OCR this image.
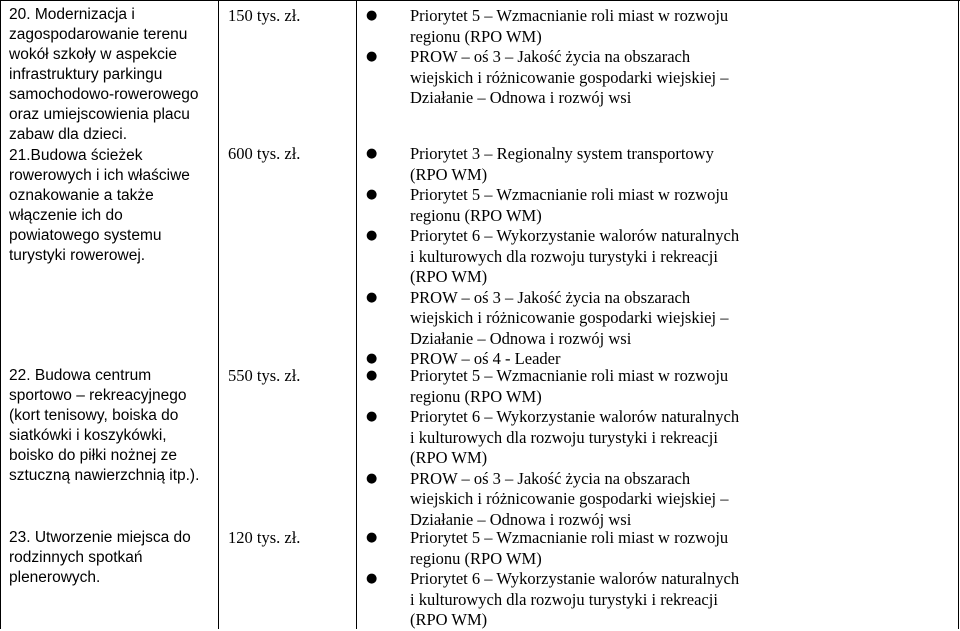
20. Modernizacja i
zagospodarowanie terenu
wokół szkoły w aspekcie
infrastruktury parkingu
samochodowo-rowerowego
oraz umiejscowienia placu
zabaw dla dzieci.
21.Budowa ścieżek
rowerowych i ich właściwe
oznakowanie a także
włączenie ich do
powiatowego systemu
turystyki rowerowej.
22. Budowa centrum
sportowo – rekreacyjnego
(kort tenisowy, boiska do
siatkówki i koszykówki,
boisko do piłki nożnej ze
sztuczną nawierzchnią itp.).
23. Utworzenie miejsca do
rodzinnych spotkań
plenerowych.
150 tys. zł.
600 tys. zł.
550 tys. zł.
120 tys. zł.
● Priorytet 5 – Wzmacnianie roli miast w rozwoju
regionu (RPO WM)
● PROW – oś 3 – Jakość życia na obszarach
wiejskich i różnicowanie gospodarki wiejskiej –
Działanie – Odnowa i rozwój wsi
● Priorytet 3 – Regionalny system transportowy
(RPO WM)
● Priorytet 5 – Wzmacnianie roli miast w rozwoju
regionu (RPO WM)
● Priorytet 6 – Wykorzystanie walorów naturalnych
i kulturowych dla rozwoju turystyki i rekreacji
(RPO WM)
● PROW – oś 3 – Jakość życia na obszarach
wiejskich i różnicowanie gospodarki wiejskiej –
Działanie – Odnowa i rozwój wsi
● PROW – oś 4 - Leader
● Priorytet 5 – Wzmacnianie roli miast w rozwoju
regionu (RPO WM)
● Priorytet 6 – Wykorzystanie walorów naturalnych
i kulturowych dla rozwoju turystyki i rekreacji
(RPO WM)
● PROW – oś 3 – Jakość życia na obszarach
wiejskich i różnicowanie gospodarki wiejskiej –
Działanie – Odnowa i rozwój wsi
● Priorytet 5 – Wzmacnianie roli miast w rozwoju
regionu (RPO WM)
● Priorytet 6 – Wykorzystanie walorów naturalnych
i kulturowych dla rozwoju turystyki i rekreacji
(RPO WM)
